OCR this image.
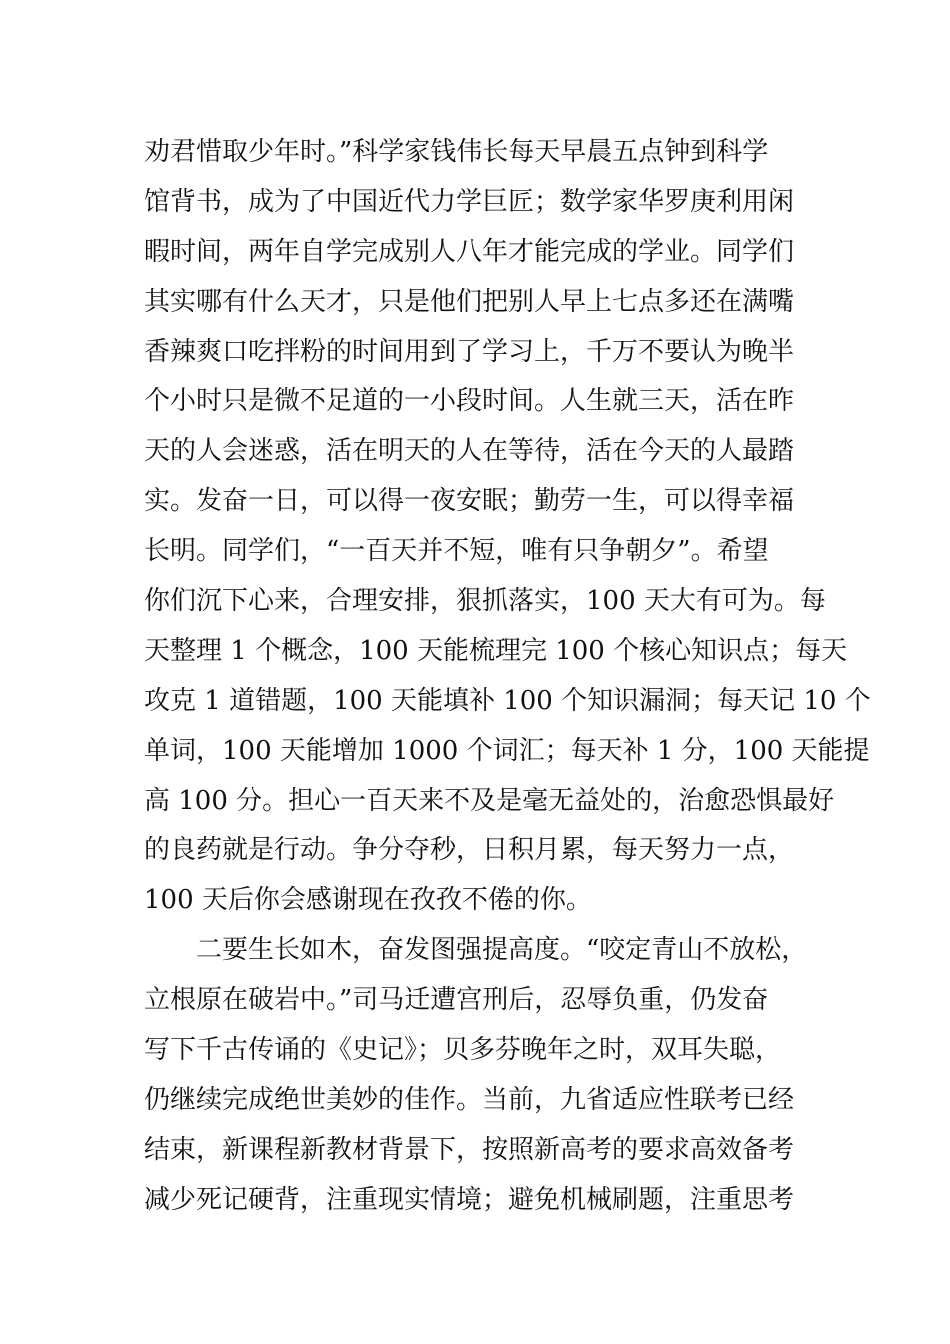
劝君惜取少年时。”科学家钱伟长每天早晨五点钟到科学
馆背书，成为了中国近代力学巨匠；数学家华罗庚利用闲
暇时间，两年自学完成别人八年才能完成的学业。同学们
其实哪有什么天才，只是他们把别人早上七点多还在满嘴
香辣爽口吃拌粉的时间用到了学习上，千万不要认为晚半
个小时只是微不足道的一小段时间。人生就三天，活在昨
天的人会迷惑，活在明天的人在等待，活在今天的人最踏
实。发奋一日，可以得一夜安眠；勤劳一生，可以得幸福
长明。同学们，“一百天并不短，唯有只争朝夕”。希望
你们沉下心来，合理安排，狠抓落实，100 天大有可为。每
天整理 1 个概念，100 天能梳理完 100 个核心知识点；每天
攻克 1 道错题，100 天能填补 100 个知识漏洞；每天记 10 个
单词，100 天能增加 1000 个词汇；每天补 1 分，100 天能提
高 100 分。担心一百天来不及是毫无益处的，治愈恐惧最好
的良药就是行动。争分夺秒，日积月累，每天努力一点，
100 天后你会感谢现在孜孜不倦的你。
　　二要生长如木，奋发图强提高度。“咬定青山不放松，
立根原在破岩中。”司马迁遭宫刑后，忍辱负重，仍发奋
写下千古传诵的《史记》；贝多芬晚年之时，双耳失聪，
仍继续完成绝世美妙的佳作。当前，九省适应性联考已经
结束，新课程新教材背景下，按照新高考的要求高效备考
减少死记硬背，注重现实情境；避免机械刷题，注重思考
